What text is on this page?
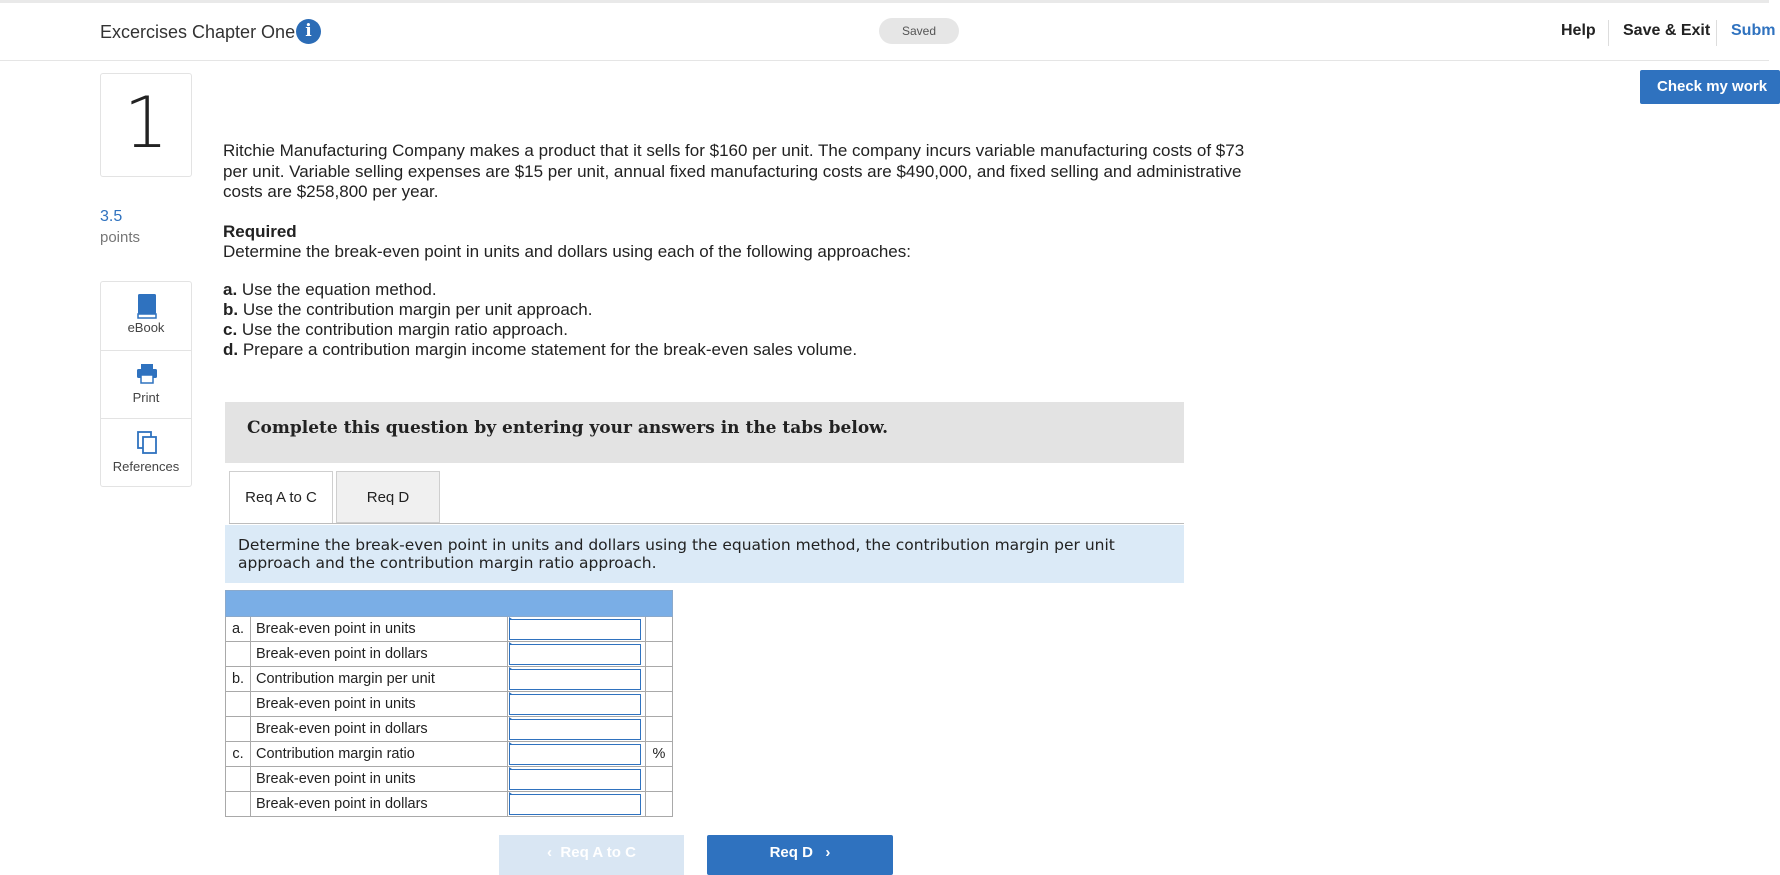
Excercises Chapter One i	Saved	Help Save & Exit Subm
Check my work
1
3.5
points
eBook
Print
References
Ritchie Manufacturing Company makes a product that it sells for $160 per unit. The company incurs variable manufacturing costs of $73 per unit. Variable selling expenses are $15 per unit, annual fixed manufacturing costs are $490,000, and fixed selling and administrative costs are $258,800 per year.
Required
Determine the break-even point in units and dollars using each of the following approaches:
a. Use the equation method.
b. Use the contribution margin per unit approach.
c. Use the contribution margin ratio approach.
d. Prepare a contribution margin income statement for the break-even sales volume.
Complete this question by entering your answers in the tabs below.
Req A to C	Req D
Determine the break-even point in units and dollars using the equation method, the contribution margin per unit approach and the contribution margin ratio approach.

a.	Break-even point in units	

	Break-even point in dollars	

b.	Contribution margin per unit	

	Break-even point in units	

	Break-even point in dollars	

c.	Contribution margin ratio		%
	Break-even point in units	

	Break-even point in dollars	

‹ Req A to C	Req D ›
